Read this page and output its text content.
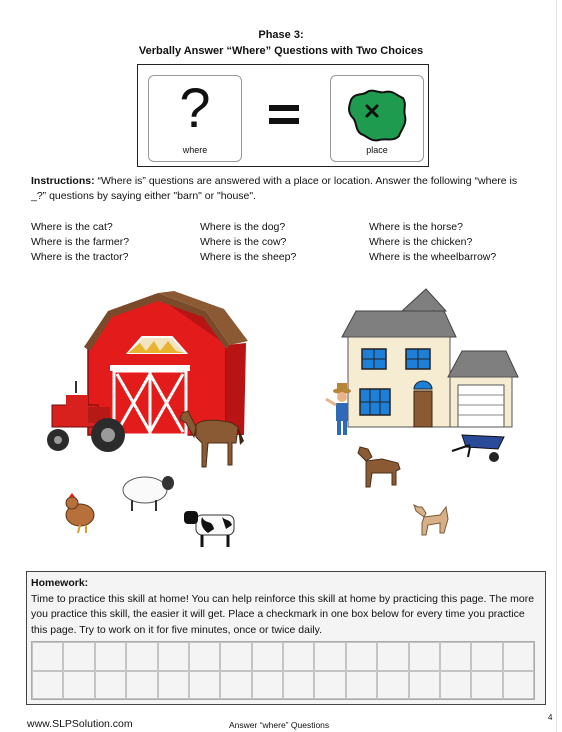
Phase 3:
Verbally Answer “Where” Questions with Two Choices
?
where	place
Instructions: “Where is” questions are answered with a place or location. Answer the following “where is _?” questions by saying either "barn" or "house".
Where is the cat?
Where is the farmer?
Where is the tractor?
Where is the dog?
Where is the cow?
Where is the sheep?
Where is the horse?
Where is the chicken?
Where is the wheelbarrow?
Homework:
Time to practice this skill at home! You can help reinforce this skill at home by practicing this page. The more you practice this skill, the easier it will get. Place a checkmark in one box below for every time you practice this page. Try to work on it for five minutes, once or twice daily.
www.SLPSolution.com	Answer “where” Questions
4
